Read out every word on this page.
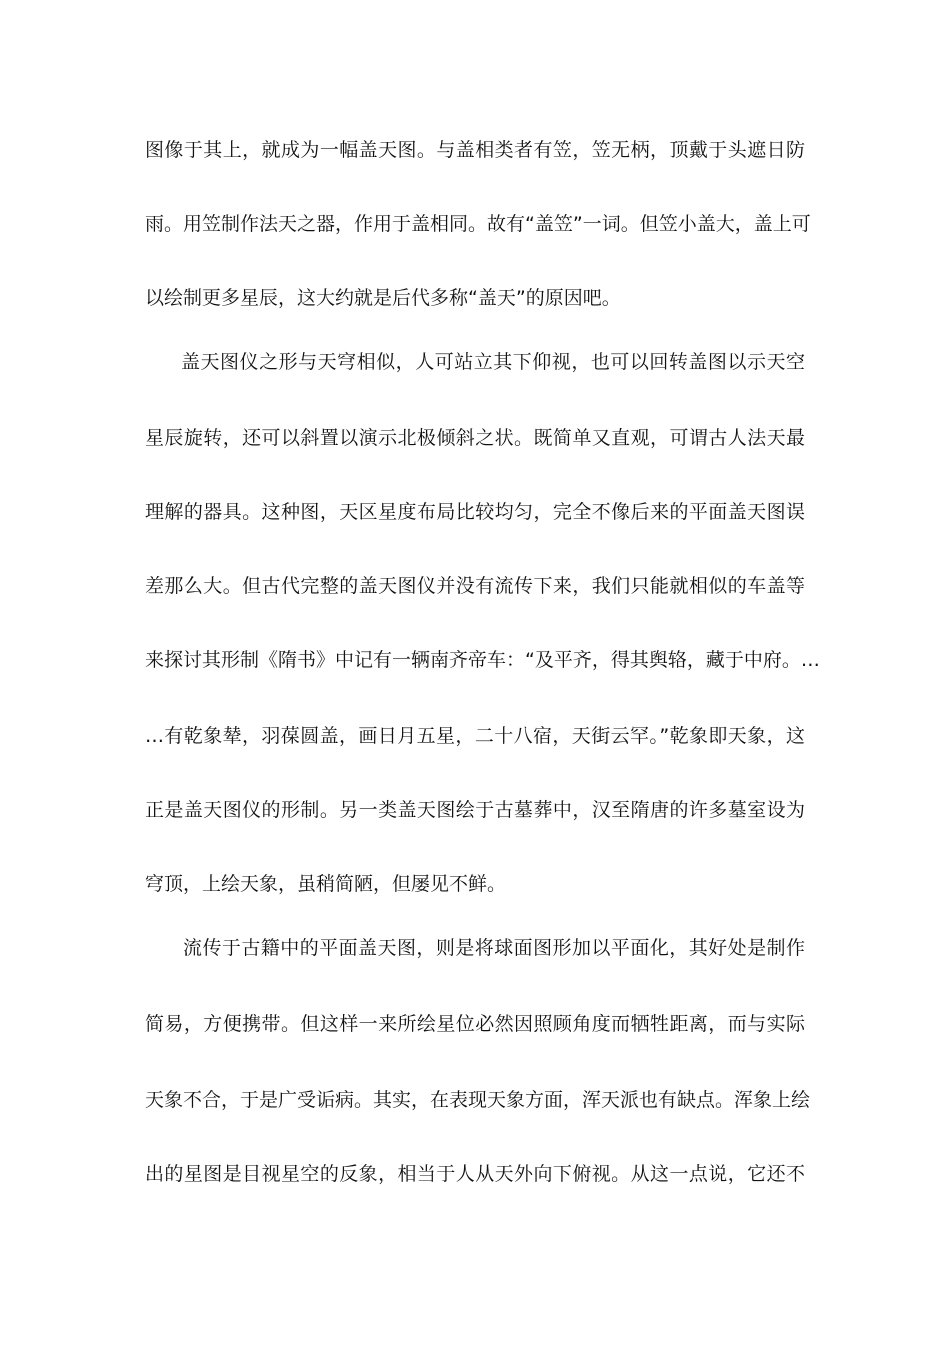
图像于其上，就成为一幅盖天图。与盖相类者有笠，笠无柄，顶戴于头遮日防
雨。用笠制作法天之器，作用于盖相同。故有“盖笠”一词。但笠小盖大，盖上可
以绘制更多星辰，这大约就是后代多称“盖天”的原因吧。
盖天图仪之形与天穹相似，人可站立其下仰视，也可以回转盖图以示天空
星辰旋转，还可以斜置以演示北极倾斜之状。既简单又直观，可谓古人法天最
理解的器具。这种图，天区星度布局比较均匀，完全不像后来的平面盖天图误
差那么大。但古代完整的盖天图仪并没有流传下来，我们只能就相似的车盖等
来探讨其形制《隋书》中记有一辆南齐帝车：“及平齐，得其舆辂，藏于中府。…
…有乾象辇，羽葆圆盖，画日月五星，二十八宿，天街云罕。”乾象即天象，这
正是盖天图仪的形制。另一类盖天图绘于古墓葬中，汉至隋唐的许多墓室设为
穹顶，上绘天象，虽稍简陋，但屡见不鲜。
流传于古籍中的平面盖天图，则是将球面图形加以平面化，其好处是制作
简易，方便携带。但这样一来所绘星位必然因照顾角度而牺牲距离，而与实际
天象不合，于是广受诟病。其实，在表现天象方面，浑天派也有缺点。浑象上绘
出的星图是目视星空的反象，相当于人从天外向下俯视。从这一点说，它还不
